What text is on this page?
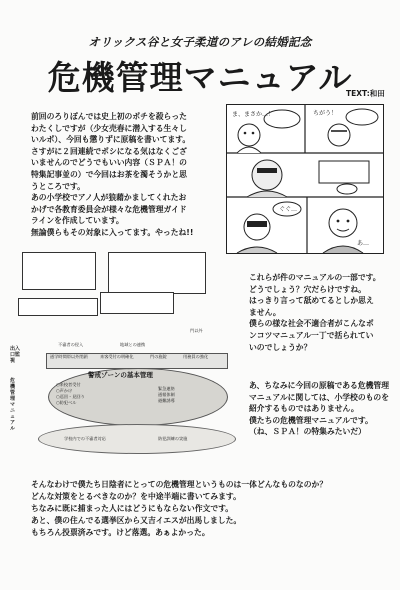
オリックス谷と女子柔道のアレの結婚記念
危機管理マニュアル
TEXT:和田

前回のろりぽんでは史上初のポチを殺らった
わたくしですが（少女売春に潜入する生々し
いルポ）、今回も懲りずに原稿を書いてます。
さすがに２回連続でポシになる気はなくござ
いませんのでどうでもいい内容（ＳＰＡ！の
特集記事並の）で今回はお茶を濁そうかと思
うところです。
あの小学校でアノ人が狼藉かましてくれたお
かげで各教育委員会が様々な危機管理ガイド
ラインを作成しています。
無論僕らもその対象に入ってます。やったね!!

ま、まさか…！	ちがう！
ぐぐ…
あ…
出入口監視
不審者の侵入	地域との連携
門以外
通学時間帯以外閉鎖	来客受付の明確化	門の施錠	用務員の強化
警戒ゾーンの基本管理
○来校者受付
○声かけ
○巡回・見回り
○防犯ベル
緊急連絡
通報体制
避難誘導
危機管理マニュアル
学校内での不審者対応	防犯訓練の実施

これらが件のマニュアルの一部です。
どうでしょう？穴だらけですね。
はっきり言って舐めてるとしか思え
ません。
僕らの様な社会不適合者がこんなポ
ンコツマニュアル一丁で括られてい
いのでしょうか？

あ、ちなみに今回の原稿である危機管理
マニュアルに関しては、小学校のものを
紹介するものではありません。
僕たちの危機管理マニュアルです。
（ね、ＳＰＡ！の特集みたいだ）

そんなわけで僕たち日陰者にとっての危機管理というものは一体どんなものなのか？
どんな対策をとるべきなのか？を中途半端に書いてみます。
ちなみに既に捕まった人にはどうにもならない作文です。
あと、僕の住んでる選挙区から又吉イエスが出馬しました。
もちろん投票済みです。けど落選。あぁよかった。
